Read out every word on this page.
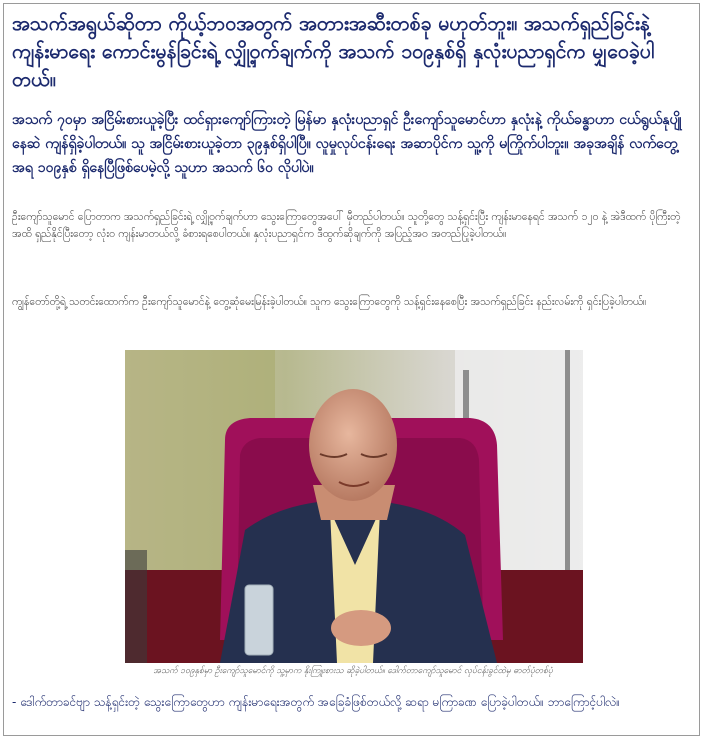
အသက်အရွယ်ဆိုတာ ကိုယ့်ဘဝအတွက် အတားအဆီးတစ်ခု မဟုတ်ဘူး။ အသက်ရှည်ခြင်းနဲ့ ကျန်းမာရေး ကောင်းမွန်ခြင်းရဲ့ လျှို့ဝှက်ချက်ကို အသက် ၁၀၉နှစ်ရှိ နှလုံးပညာရှင်က မျှဝေခဲ့ပါတယ်။

အသက် ၇၀မှာ အငြိမ်းစားယူခဲ့ပြီး ထင်ရှားကျော်ကြားတဲ့ မြန်မာ နှလုံးပညာရှင် ဦးကျော်သူမောင်ဟာ နှလုံးနဲ့ ကိုယ်ခန္ဓာဟာ ငယ်ရွယ်နုပျိုနေဆဲ ကျန်ရှိခဲ့ပါတယ်။ သူ အငြိမ်းစားယူခဲ့တာ ၃၉နှစ်ရှိပါပြီ။ လူမှုလုပ်ငန်းရေး အဆာပိုင်က သူ့ကို မကြိုက်ပါဘူး။ အခုအချိန် လက်တွေ့အရ ၁၀၉နှစ် ရှိနေပြီဖြစ်ပေမဲ့လို့ သူဟာ အသက် ၆၀ လိုပါပဲ။

ဦးကျော်သူမောင် ပြောတာက အသက်ရှည်ခြင်းရဲ့ လျှို့ဝှက်ချက်ဟာ သွေးကြောတွေအပေါ် မှီတည်ပါတယ်။ သူတို့တွေ သန့်ရှင်းပြီး ကျန်းမာနေရင် အသက် ၁၂၀ နဲ့ အဲဒီထက် ပိုကြီးတဲ့အထိ ရှည်နိုင်ပြီးတော့ လုံးဝ ကျန်းမာတယ်လို့ ခံစားရစေပါတယ်။ နှလုံးပညာရှင်က ဒီထွက်ဆိုချက်ကို အပြည့်အဝ အတည်ပြုခဲ့ပါတယ်။

ကျွန်တော်တို့ရဲ့ သတင်းထောက်က ဦးကျော်သူမောင်နဲ့ တွေ့ဆုံမေးမြန်းခဲ့ပါတယ်။ သူက သွေးကြောတွေကို သန့်ရှင်းနေစေပြီး အသက်ရှည်ခြင်း နည်းလမ်းကို ရှင်းပြခဲ့ပါတယ်။

အသက် ၁၀၉နှစ်မှာ ဦးကျော်သူမောင်ကို သူ့မှာက နိုးကြူးစားသ ဆိုခဲ့ပါတယ်။ ဒေါက်တာကျော်သူမောင် လုပ်ငန်းခွင်ထဲမှ ဓာတ်ပုံတစ်ပုံ

- ဒေါက်တာခင်ဗျာ သန့်ရှင်းတဲ့ သွေးကြောတွေဟာ ကျန်းမာရေးအတွက် အခြေခံဖြစ်တယ်လို့ ဆရာ မကြာခဏ ပြောခဲ့ပါတယ်။ ဘာကြောင့်ပါလဲ။
